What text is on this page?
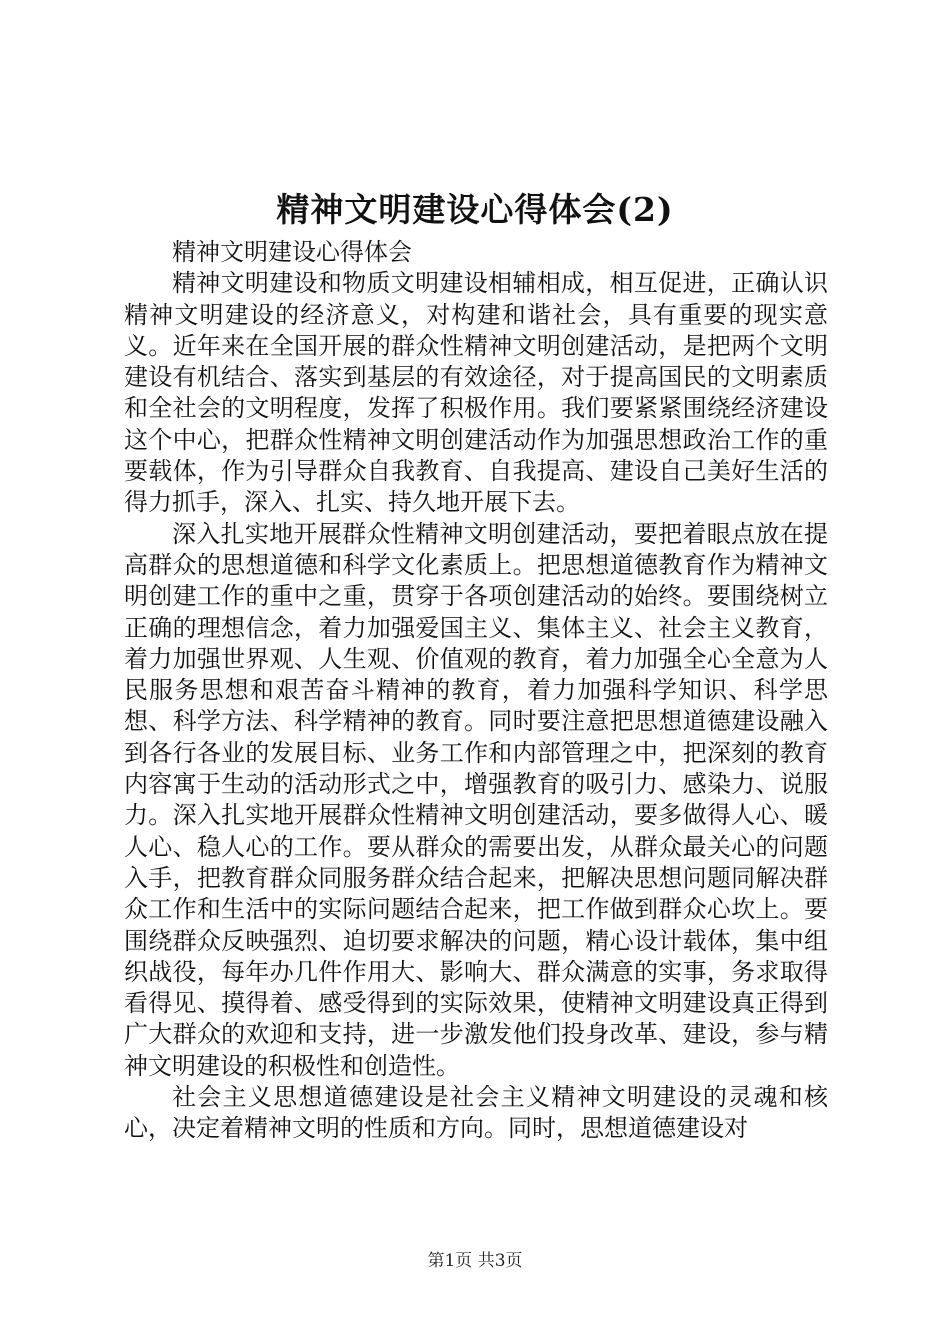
精神文明建设心得体会(2)

精神文明建设心得体会

精神文明建设和物质文明建设相辅相成，相互促进，正确认识精神文明建设的经济意义，对构建和谐社会，具有重要的现实意义。近年来在全国开展的群众性精神文明创建活动，是把两个文明建设有机结合、落实到基层的有效途径，对于提高国民的文明素质和全社会的文明程度，发挥了积极作用。我们要紧紧围绕经济建设这个中心，把群众性精神文明创建活动作为加强思想政治工作的重要载体，作为引导群众自我教育、自我提高、建设自己美好生活的得力抓手，深入、扎实、持久地开展下去。

深入扎实地开展群众性精神文明创建活动，要把着眼点放在提高群众的思想道德和科学文化素质上。把思想道德教育作为精神文明创建工作的重中之重，贯穿于各项创建活动的始终。要围绕树立正确的理想信念，着力加强爱国主义、集体主义、社会主义教育，着力加强世界观、人生观、价值观的教育，着力加强全心全意为人民服务思想和艰苦奋斗精神的教育，着力加强科学知识、科学思想、科学方法、科学精神的教育。同时要注意把思想道德建设融入到各行各业的发展目标、业务工作和内部管理之中，把深刻的教育内容寓于生动的活动形式之中，增强教育的吸引力、感染力、说服力。深入扎实地开展群众性精神文明创建活动，要多做得人心、暖人心、稳人心的工作。要从群众的需要出发，从群众最关心的问题入手，把教育群众同服务群众结合起来，把解决思想问题同解决群众工作和生活中的实际问题结合起来，把工作做到群众心坎上。要围绕群众反映强烈、迫切要求解决的问题，精心设计载体，集中组织战役，每年办几件作用大、影响大、群众满意的实事，务求取得看得见、摸得着、感受得到的实际效果，使精神文明建设真正得到广大群众的欢迎和支持，进一步激发他们投身改革、建设，参与精神文明建设的积极性和创造性。

社会主义思想道德建设是社会主义精神文明建设的灵魂和核心，决定着精神文明的性质和方向。同时，思想道德建设对

第1页 共3页
